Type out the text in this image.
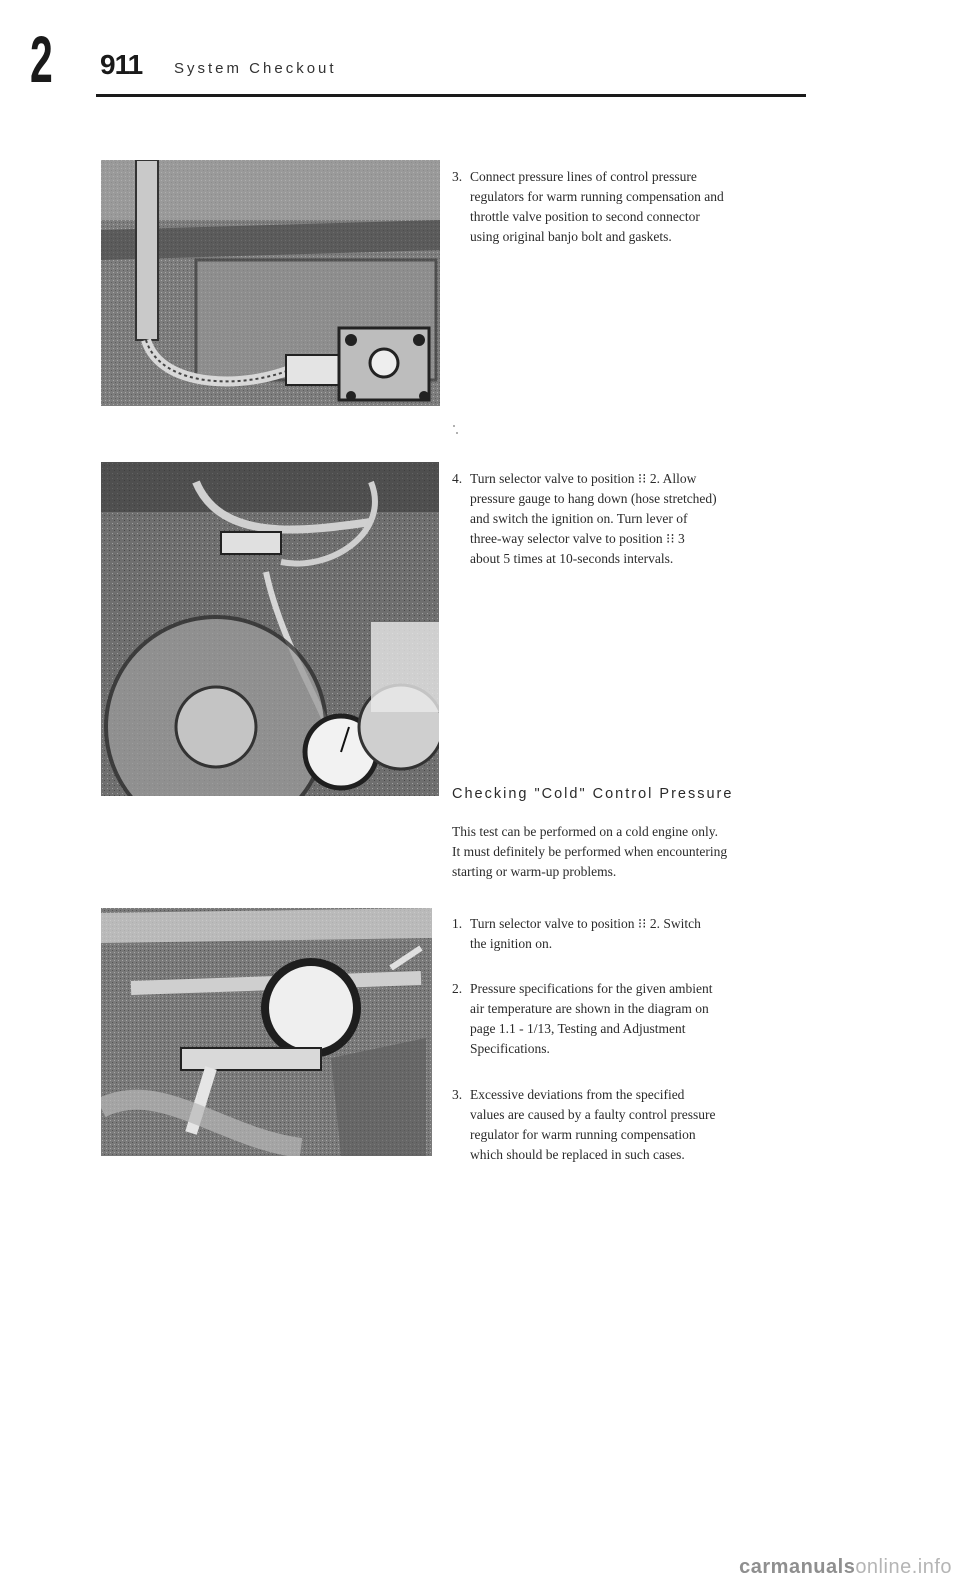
2 911 System Checkout
3. Connect pressure lines of control pressure
regulators for warm running compensation and
throttle valve position to second connector
using original banjo bolt and gaskets.
4. Turn selector valve to position ⁝⁝ 2. Allow
pressure gauge to hang down (hose stretched)
and switch the ignition on. Turn lever of
three-way selector valve to position ⁝⁝ 3
about 5 times at 10-seconds intervals.
Checking "Cold" Control Pressure
This test can be performed on a cold engine only.
It must definitely be performed when encountering
starting or warm-up problems.
1. Turn selector valve to position ⁝⁝ 2. Switch
the ignition on.
2. Pressure specifications for the given ambient
air temperature are shown in the diagram on
page 1.1 - 1/13, Testing and Adjustment
Specifications.
3. Excessive deviations from the specified
values are caused by a faulty control pressure
regulator for warm running compensation
which should be replaced in such cases.
carmanualsonline.info
